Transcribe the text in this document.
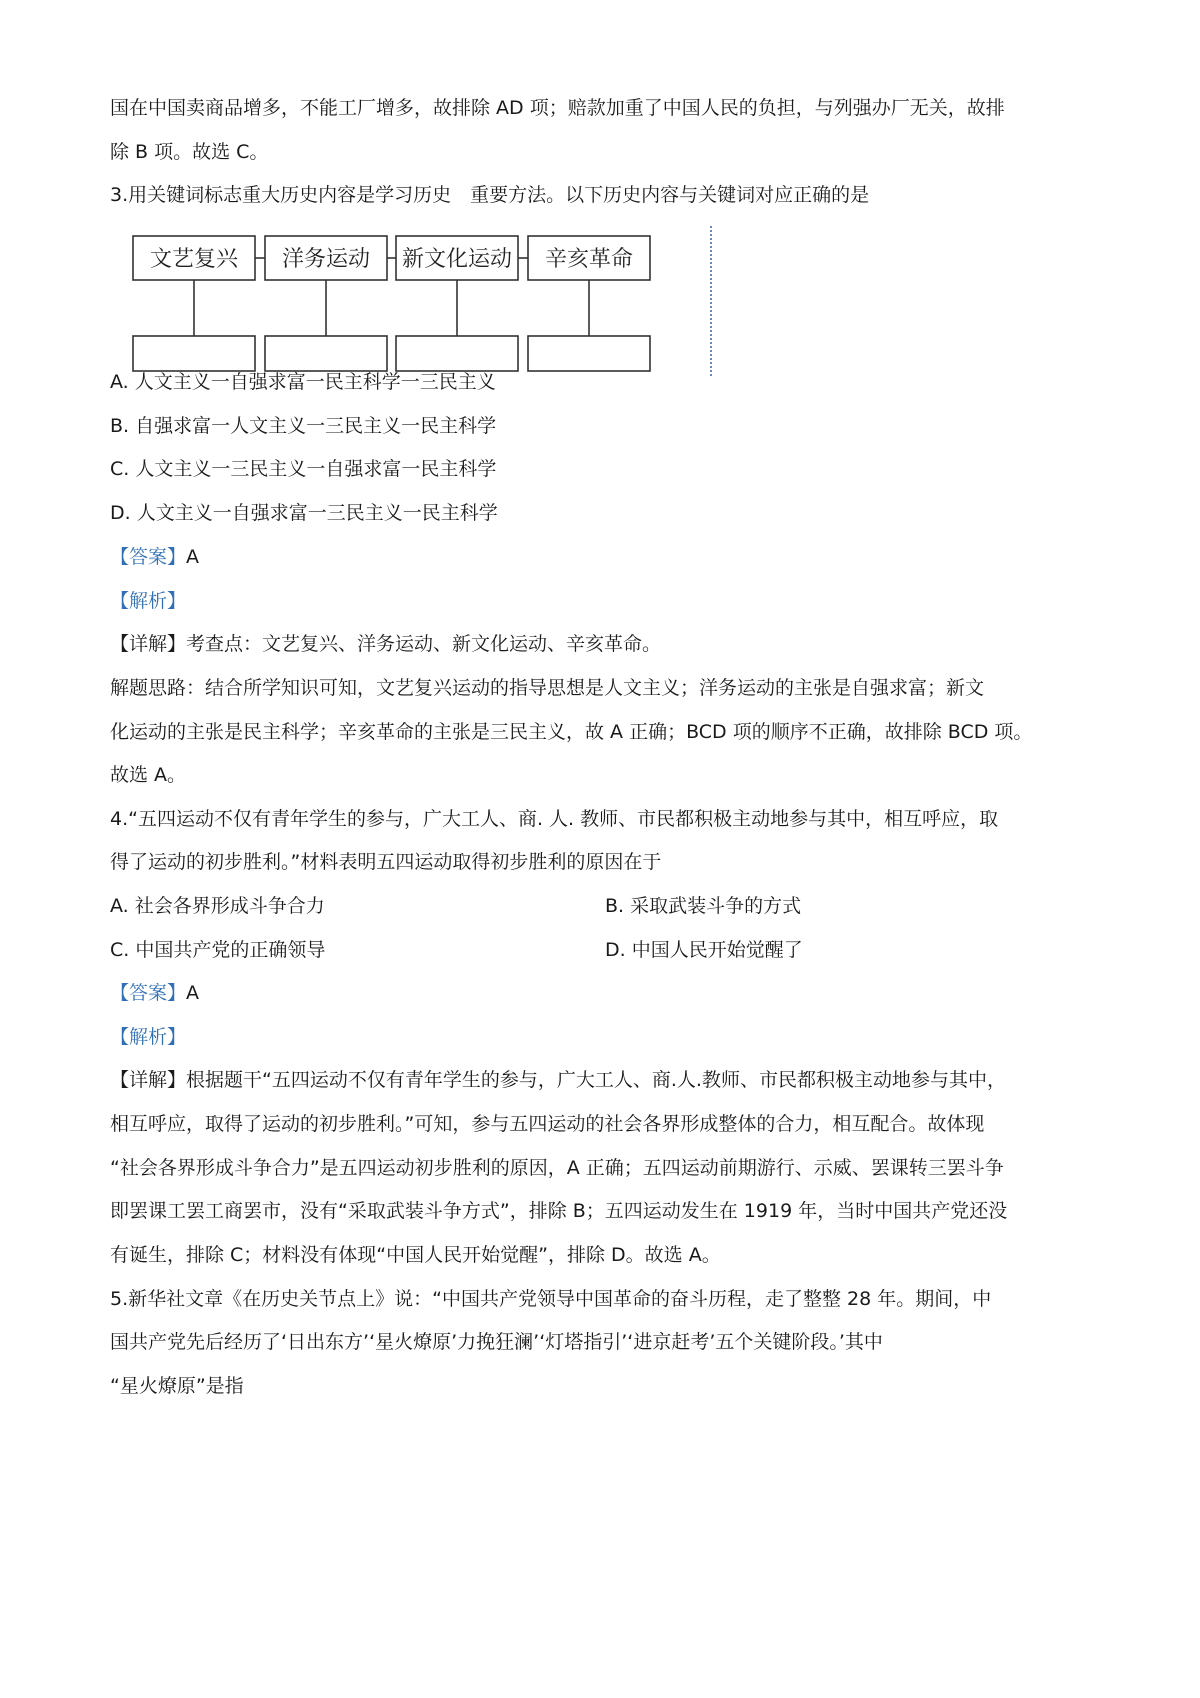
国在中国卖商品增多，不能工厂增多，故排除 AD 项；赔款加重了中国人民的负担，与列强办厂无关，故排
除 B 项。故选 C。
3.用关键词标志重大历史内容是学习历史　重要方法。以下历史内容与关键词对应正确的是
文艺复兴 洋务运动 新文化运动 辛亥革命
A. 人文主义一自强求富一民主科学一三民主义
B. 自强求富一人文主义一三民主义一民主科学
C. 人文主义一三民主义一自强求富一民主科学
D. 人文主义一自强求富一三民主义一民主科学
【答案】A
【解析】
【详解】考查点：文艺复兴、洋务运动、新文化运动、辛亥革命。
解题思路：结合所学知识可知，文艺复兴运动的指导思想是人文主义；洋务运动的主张是自强求富；新文
化运动的主张是民主科学；辛亥革命的主张是三民主义，故 A 正确；BCD 项的顺序不正确，故排除 BCD 项。
故选 A。
4.“五四运动不仅有青年学生的参与，广大工人、商. 人. 教师、市民都积极主动地参与其中，相互呼应，取
得了运动的初步胜利。”材料表明五四运动取得初步胜利的原因在于
A. 社会各界形成斗争合力	B. 采取武装斗争的方式
C. 中国共产党的正确领导	D. 中国人民开始觉醒了
【答案】A
【解析】
【详解】根据题干“五四运动不仅有青年学生的参与，广大工人、商.人.教师、市民都积极主动地参与其中，
相互呼应，取得了运动的初步胜利。”可知，参与五四运动的社会各界形成整体的合力，相互配合。故体现
“社会各界形成斗争合力”是五四运动初步胜利的原因，A 正确；五四运动前期游行、示威、罢课转三罢斗争
即罢课工罢工商罢市，没有“采取武装斗争方式”，排除 B；五四运动发生在 1919 年，当时中国共产党还没
有诞生，排除 C；材料没有体现“中国人民开始觉醒”，排除 D。故选 A。
5.新华社文章《在历史关节点上》说：“中国共产党领导中国革命的奋斗历程，走了整整 28 年。期间，中
国共产党先后经历了‘日出东方’‘星火燎原’力挽狂澜’‘灯塔指引’‘进京赶考’五个关键阶段。’其中
“星火燎原”是指
